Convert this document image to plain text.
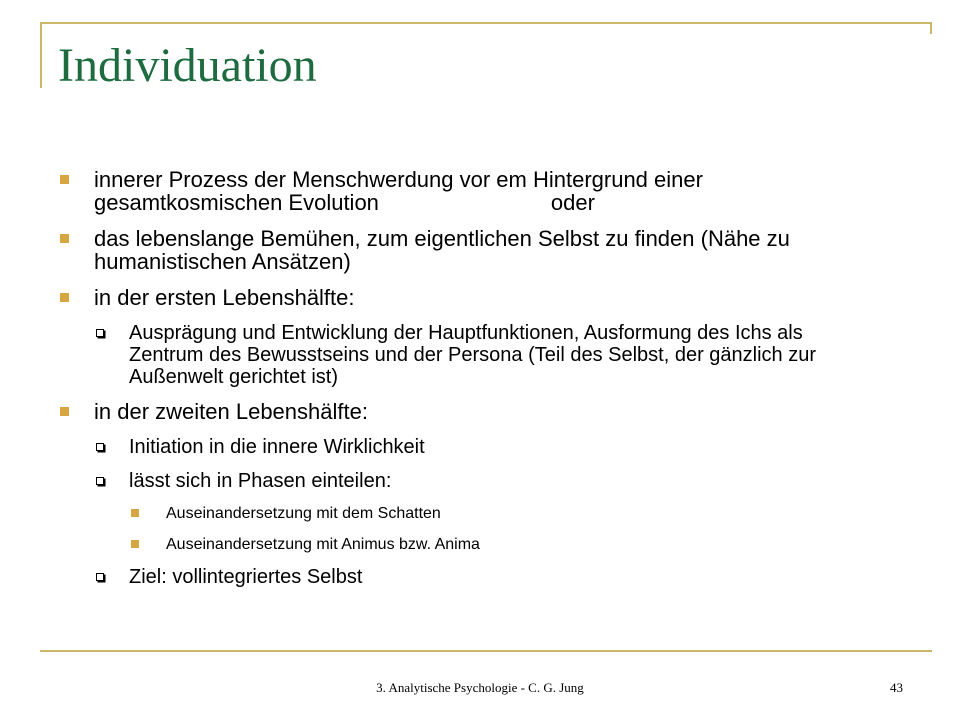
Individuation
innerer Prozess der Menschwerdung vor em Hintergrund einer gesamtkosmischen Evolution	oder
das lebenslange Bemühen, zum eigentlichen Selbst zu finden (Nähe zu humanistischen Ansätzen)
in der ersten Lebenshälfte:
Ausprägung und Entwicklung der Hauptfunktionen, Ausformung des Ichs als Zentrum des Bewusstseins und der Persona (Teil des Selbst, der gänzlich zur Außenwelt gerichtet ist)
in der zweiten Lebenshälfte:
Initiation in die innere Wirklichkeit
lässt sich in Phasen einteilen:
Auseinandersetzung mit dem Schatten
Auseinandersetzung mit Animus bzw. Anima
Ziel: vollintegriertes Selbst
3. Analytische Psychologie - C. G. Jung	43
